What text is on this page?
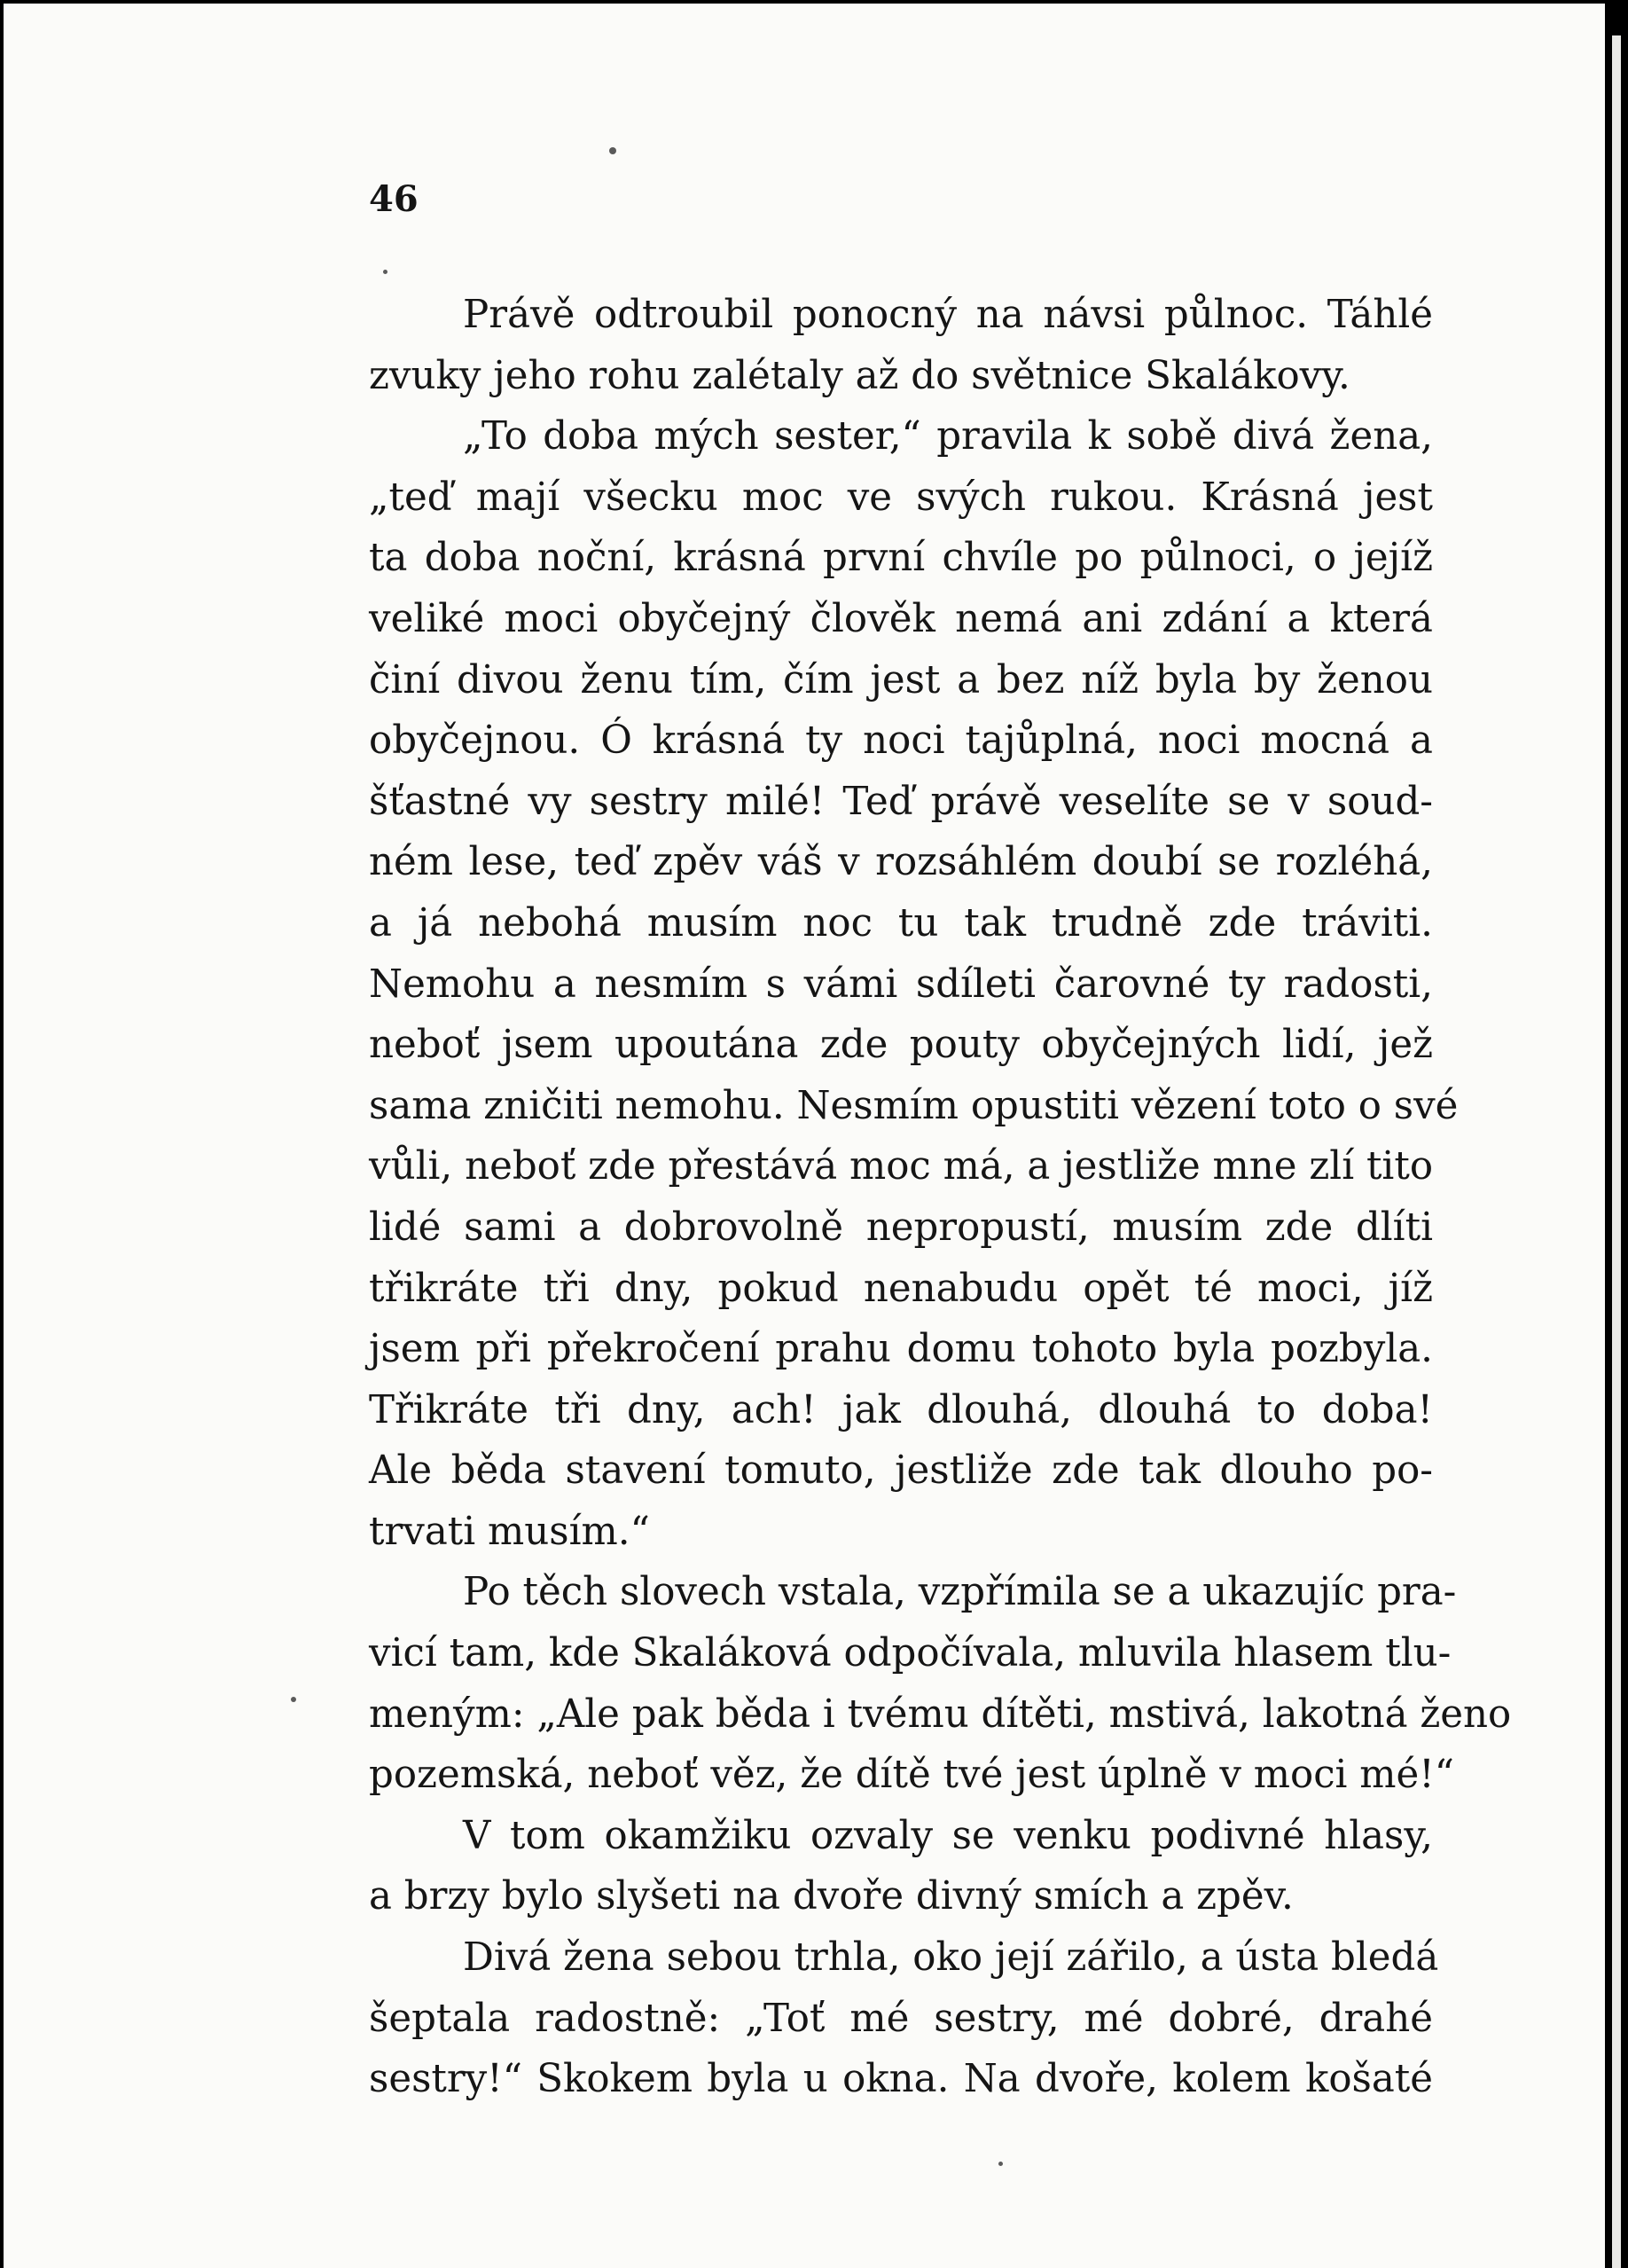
46
Právě odtroubil ponocný na návsi půlnoc. Táhlé
zvuky jeho rohu zalétaly až do světnice Skalákovy.
„To doba mých sester,“ pravila k sobě divá žena,
„teď mají všecku moc ve svých rukou. Krásná jest
ta doba noční, krásná první chvíle po půlnoci, o jejíž
veliké moci obyčejný člověk nemá ani zdání a která
činí divou ženu tím, čím jest a bez níž byla by ženou
obyčejnou. Ó krásná ty noci tajůplná, noci mocná a
šťastné vy sestry milé! Teď právě veselíte se v soud-
ném lese, teď zpěv váš v rozsáhlém doubí se rozléhá,
a já nebohá musím noc tu tak trudně zde tráviti.
Nemohu a nesmím s vámi sdíleti čarovné ty radosti,
neboť jsem upoutána zde pouty obyčejných lidí, jež
sama zničiti nemohu. Nesmím opustiti vězení toto o své
vůli, neboť zde přestává moc má, a jestliže mne zlí tito
lidé sami a dobrovolně nepropustí, musím zde dlíti
třikráte tři dny, pokud nenabudu opět té moci, jíž
jsem při překročení prahu domu tohoto byla pozbyla.
Třikráte tři dny, ach! jak dlouhá, dlouhá to doba!
Ale běda stavení tomuto, jestliže zde tak dlouho po-
trvati musím.“
Po těch slovech vstala, vzpřímila se a ukazujíc pra-
vicí tam, kde Skaláková odpočívala, mluvila hlasem tlu-
meným: „Ale pak běda i tvému dítěti, mstivá, lakotná ženo
pozemská, neboť věz, že dítě tvé jest úplně v moci mé!“
V tom okamžiku ozvaly se venku podivné hlasy,
a brzy bylo slyšeti na dvoře divný smích a zpěv.
Divá žena sebou trhla, oko její zářilo, a ústa bledá
šeptala radostně: „Toť mé sestry, mé dobré, drahé
sestry!“ Skokem byla u okna. Na dvoře, kolem košaté
